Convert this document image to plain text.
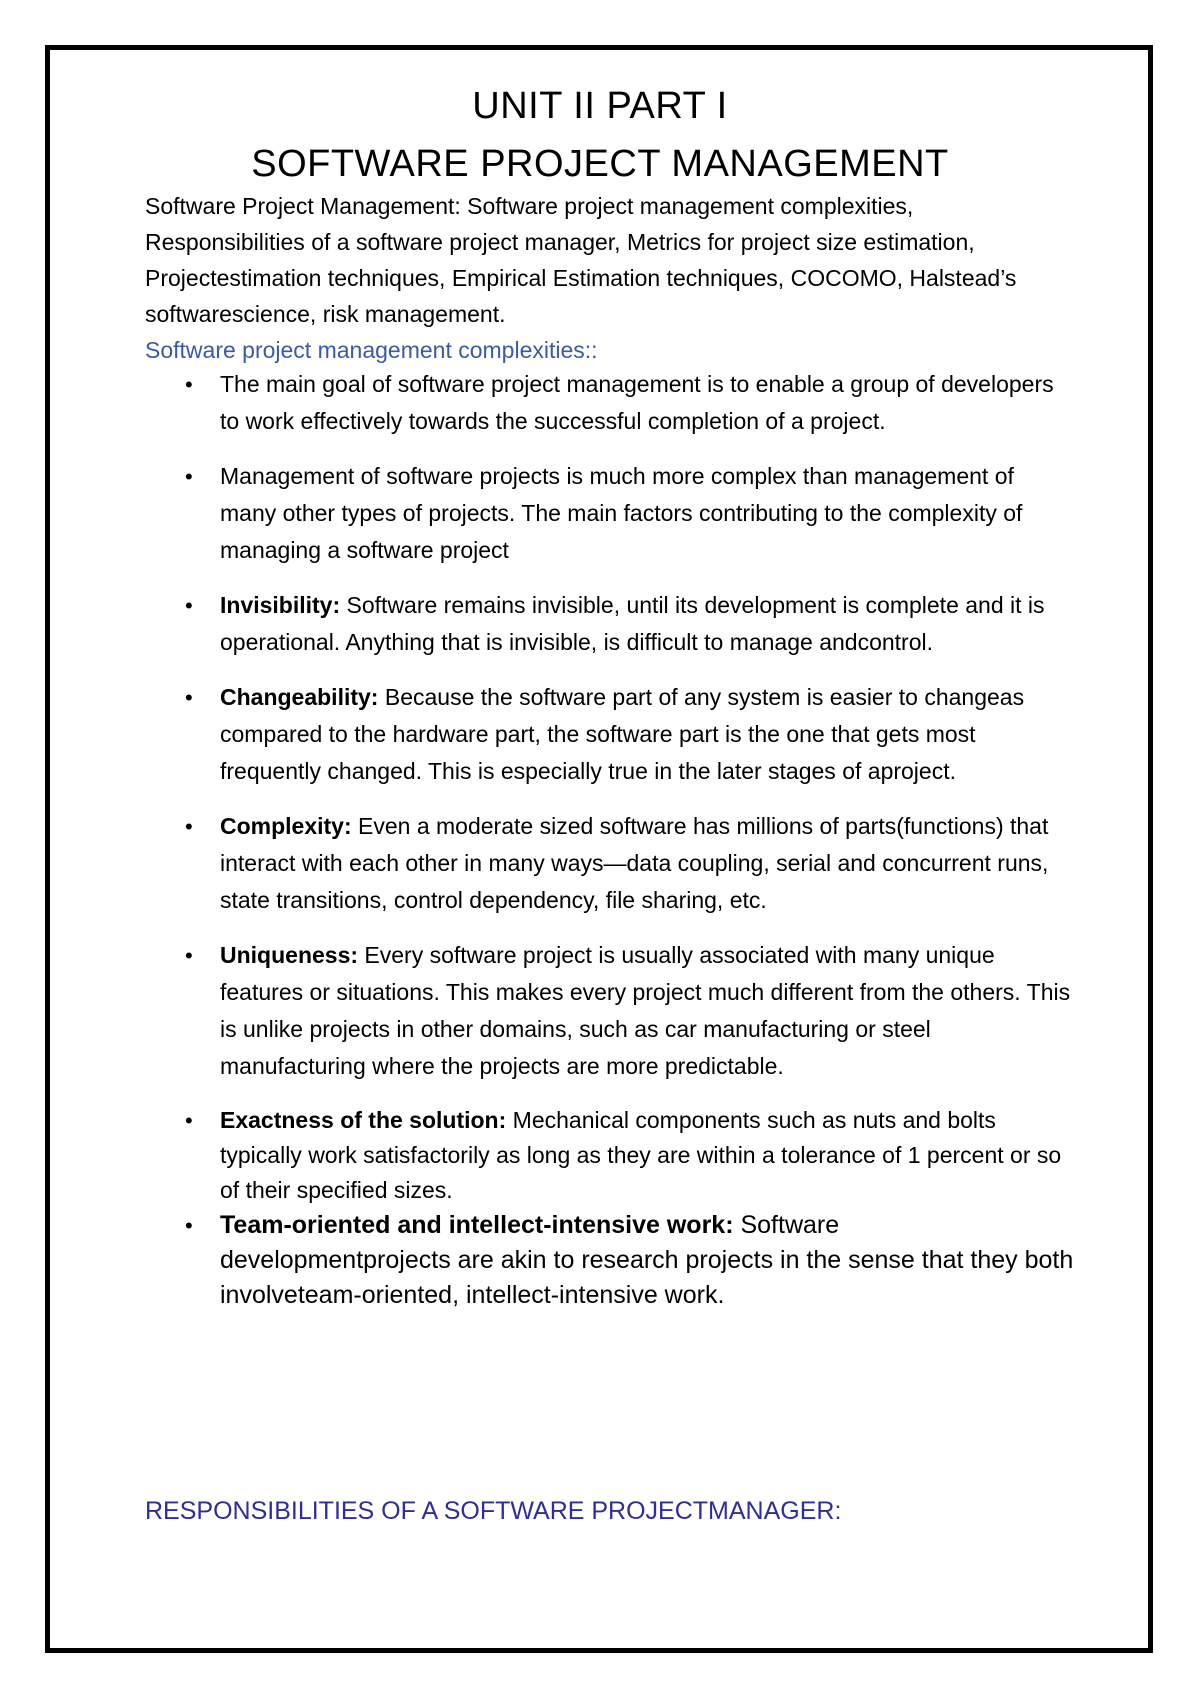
UNIT II PART I
SOFTWARE PROJECT MANAGEMENT
Software Project Management: Software project management complexities, Responsibilities of a software project manager, Metrics for project size estimation, Projectestimation techniques, Empirical Estimation techniques, COCOMO, Halstead’s softwarescience, risk management.
Software project management complexities::
• The main goal of software project management is to enable a group of developers to work effectively towards the successful completion of a project.
• Management of software projects is much more complex than management of many other types of projects. The main factors contributing to the complexity of managing a software project
• Invisibility: Software remains invisible, until its development is complete and it is operational. Anything that is invisible, is difficult to manage andcontrol.
• Changeability: Because the software part of any system is easier to changeas compared to the hardware part, the software part is the one that gets most frequently changed. This is especially true in the later stages of aproject.
• Complexity: Even a moderate sized software has millions of parts(functions) that interact with each other in many ways—data coupling, serial and concurrent runs, state transitions, control dependency, file sharing, etc.
• Uniqueness: Every software project is usually associated with many unique features or situations. This makes every project much different from the others. This is unlike projects in other domains, such as car manufacturing or steel manufacturing where the projects are more predictable.
• Exactness of the solution: Mechanical components such as nuts and bolts typically work satisfactorily as long as they are within a tolerance of 1 percent or so of their specified sizes.
• Team-oriented and intellect-intensive work: Software developmentprojects are akin to research projects in the sense that they both involveteam-oriented, intellect-intensive work.
RESPONSIBILITIES OF A SOFTWARE PROJECTMANAGER:
